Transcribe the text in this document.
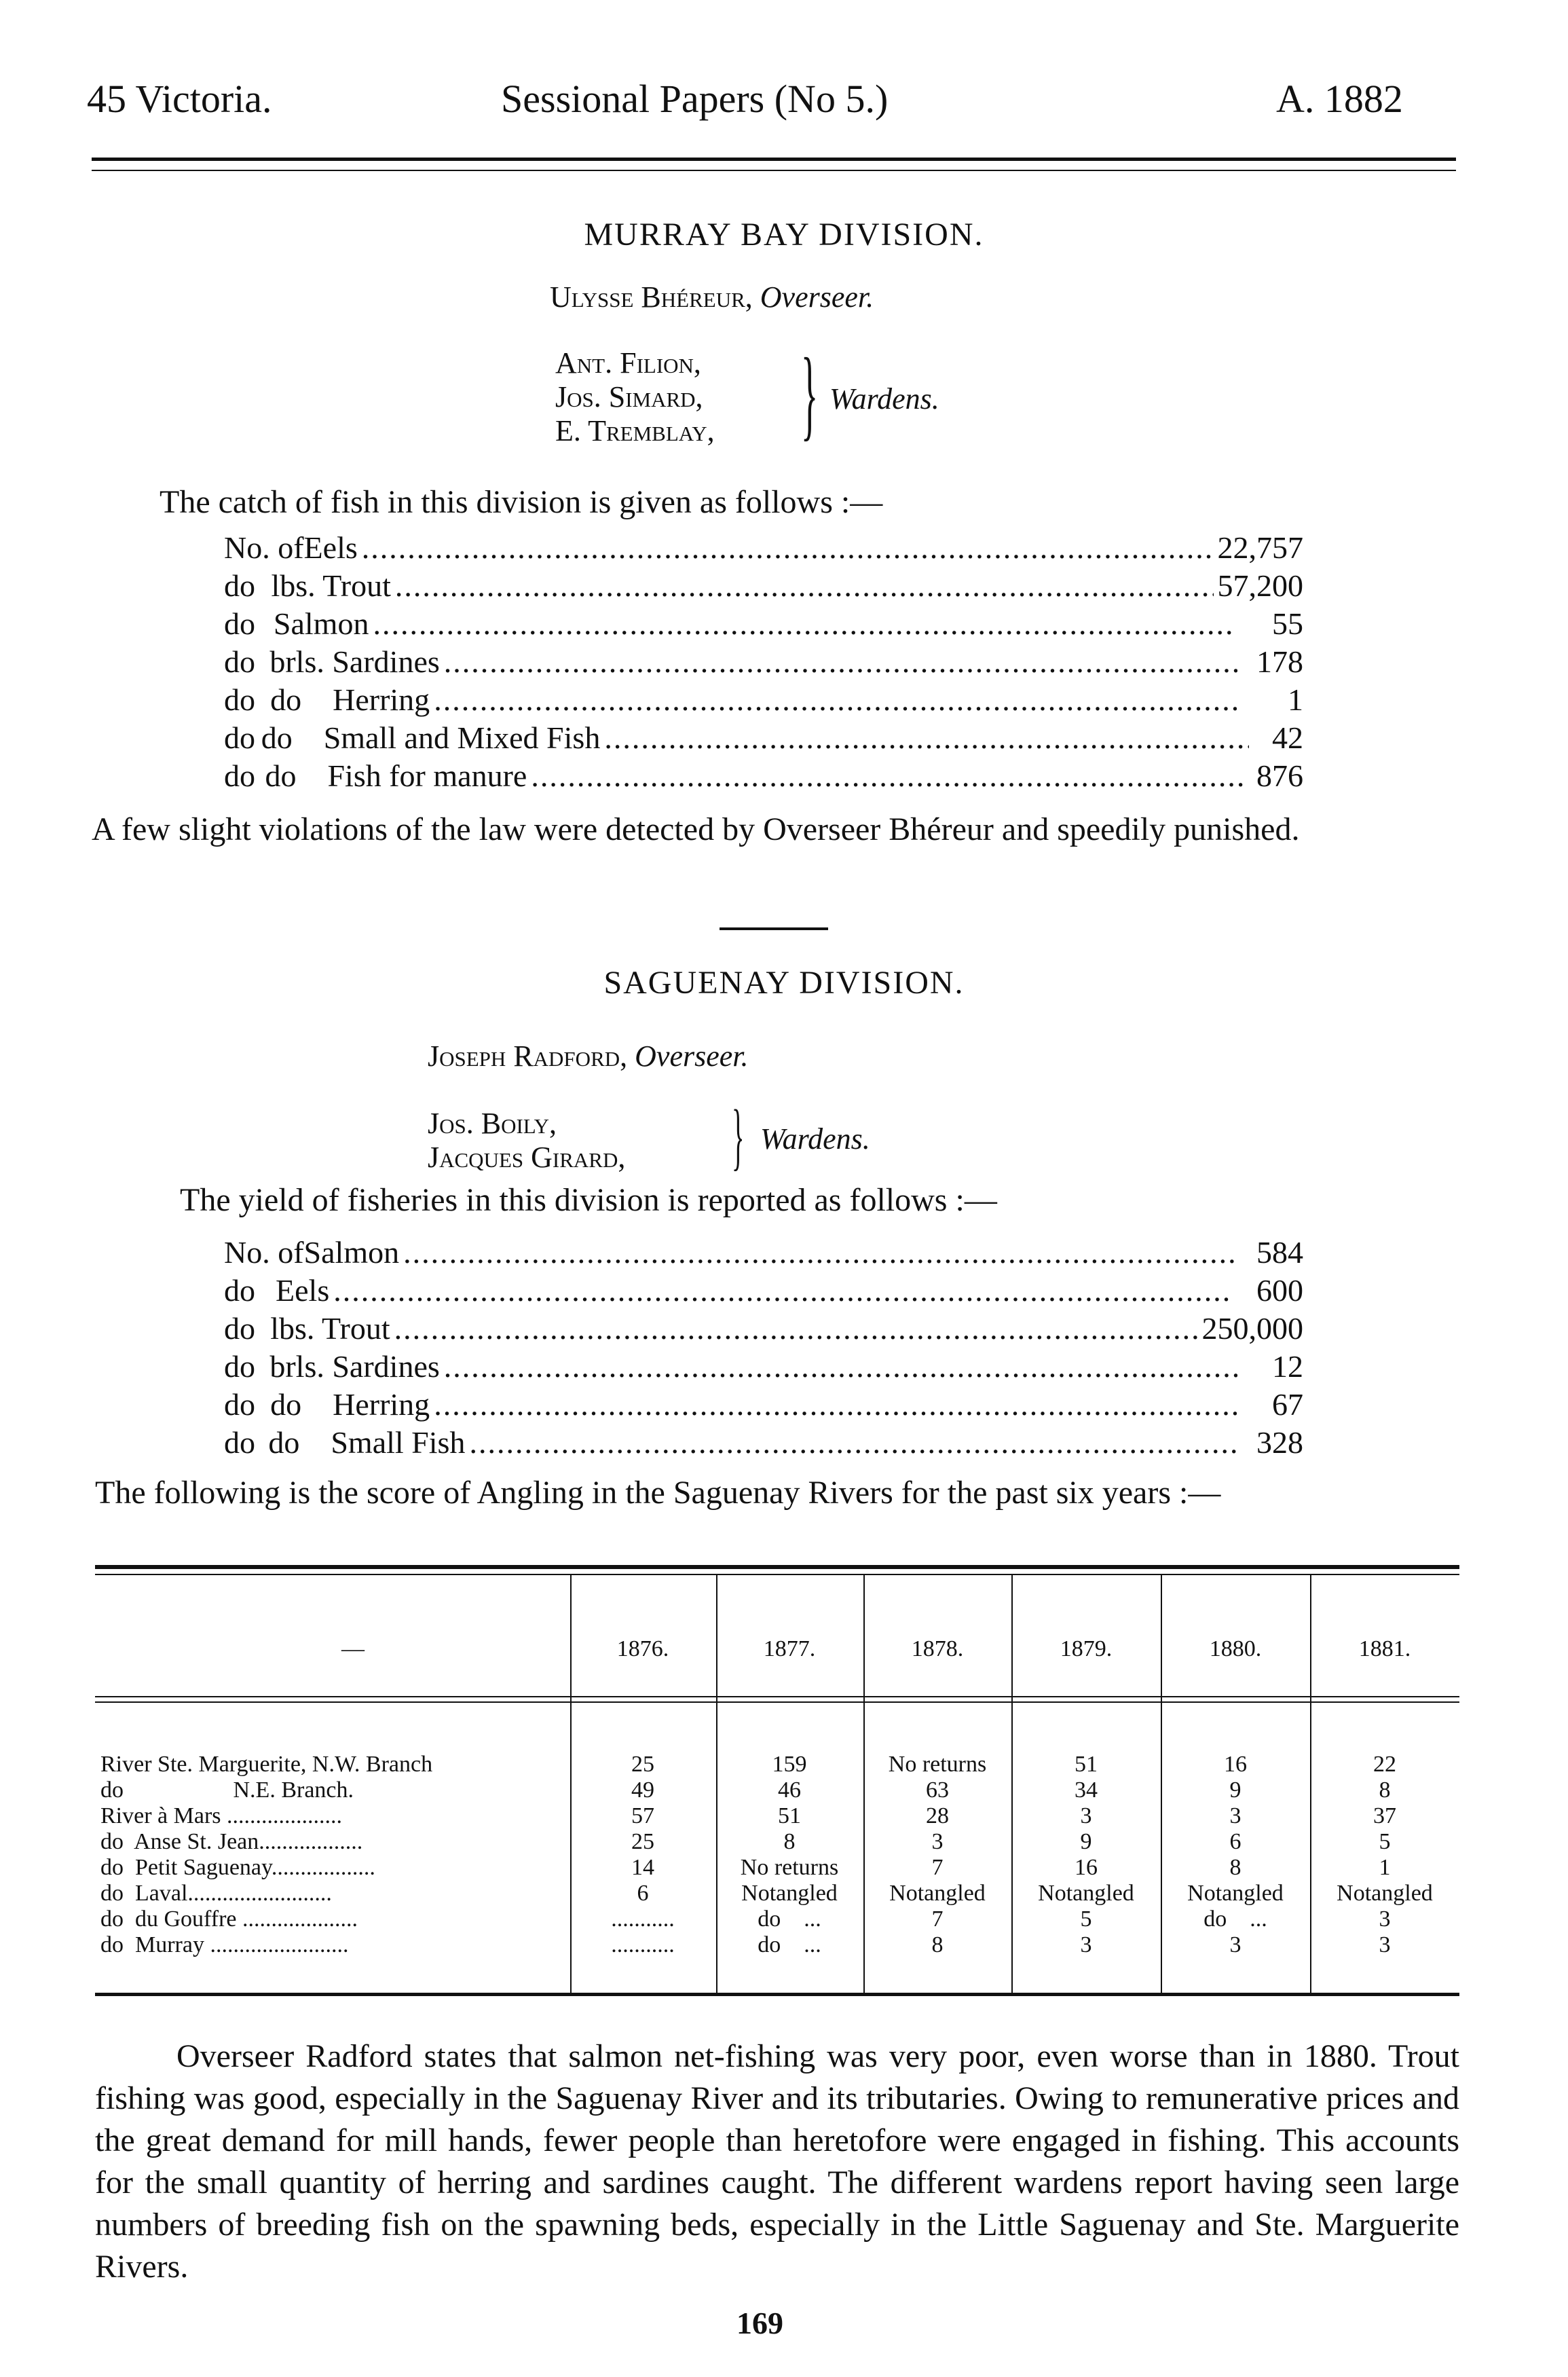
45 Victoria.	Sessional Papers (No 5.)	A. 1882
MURRAY BAY DIVISION.
Ulysse Bhéreur, Overseer.
Ant. Filion,
Jos. Simard,
E. Tremblay, } Wardens.
The catch of fish in this division is given as follows :—
No. of Eels .....	22,757
do lbs. Trout .....	57,200
do Salmon .....	55
do brls. Sardines .....	178
do do    Herring .....	1
do do    Small and Mixed Fish .....	42
do do    Fish for manure .....	876
A few slight violations of the law were detected by Overseer Bhéreur and speedily punished.
SAGUENAY DIVISION.
Joseph Radford, Overseer.
Jos. Boily,
Jacques Girard, } Wardens.
The yield of fisheries in this division is reported as follows :—
No. of Salmon .....	584
do Eels .....	600
do lbs. Trout .....	250,000
do brls. Sardines .....	12
do do    Herring .....	67
do do    Small Fish .....	328
The following is the score of Angling in the Saguenay Rivers for the past six years :—
—	1876.	1877.	1878.	1879.	1880.	1881.
River Ste. Marguerite, N.W. Branch	25	159	No returns	51	16	22
do                   N.E. Branch.	49	46	63	34	9	8
River à Mars ....................	57	51	28	3	3	37
do  Anse St. Jean..................	25	8	3	9	6	5
do  Petit Saguenay..................	14	No returns	7	16	8	1
do  Laval.........................	6	Notangled	Notangled	Notangled	Notangled	Notangled
do  du Gouffre ....................	...........	do    ...	7	5	do    ...	3
do  Murray ........................	...........	do    ...	8	3	3	3
Overseer Radford states that salmon net-fishing was very poor, even worse than in 1880. Trout fishing was good, especially in the Saguenay River and its tributaries. Owing to remunerative prices and the great demand for mill hands, fewer people than heretofore were engaged in fishing. This accounts for the small quantity of herring and sardines caught. The different wardens report having seen large numbers of breeding fish on the spawning beds, especially in the Little Saguenay and Ste. Marguerite Rivers.
169
